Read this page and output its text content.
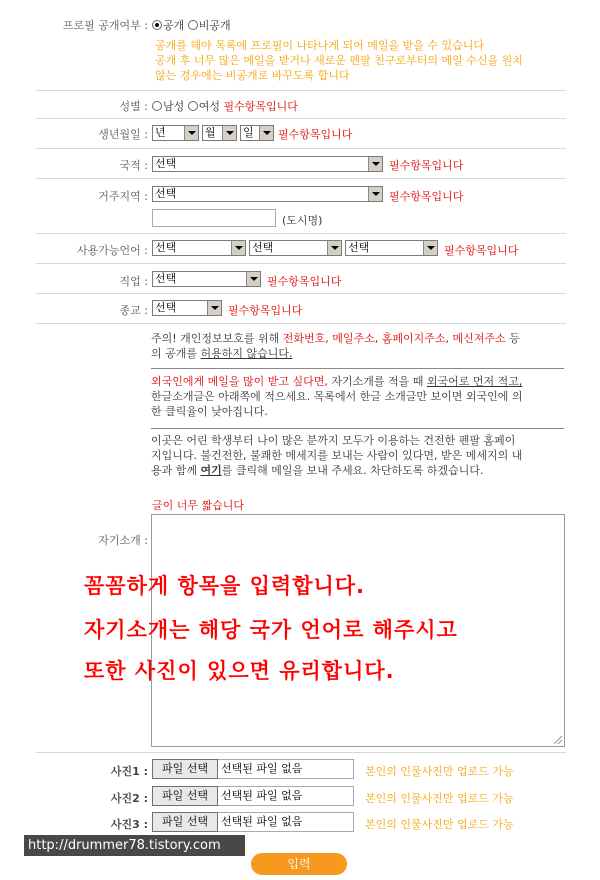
프로필 공개여부 :	공개 비공개
공개를 해야 목록에 프로필이 나타나게 되어 메일을 받을 수 있습니다
공개 후 너무 많은 메일을 받거나 새로운 펜팔 친구로부터의 메일 수신을 원치
않는 경우에는 비공개로 바꾸도록 합니다
성별 :	남성 여성 필수항목입니다
생년월일 : 년	월	일	필수항목입니다
국적 : 선택	필수항목입니다
거주지역 : 선택	필수항목입니다
(도시명)
사용가능언어 : 선택	선택	선택	필수항목입니다
직업 : 선택	필수항목입니다
종교 : 선택	필수항목입니다
주의! 개인정보보호를 위해 전화번호, 메일주소, 홈페이지주소, 메신져주소 등
의 공개를 허용하지 않습니다.
외국인에게 메일을 많이 받고 싶다면, 자기소개를 적을 때 외국어로 먼저 적고,
한글소개글은 아래쪽에 적으세요. 목록에서 한글 소개글만 보이면 외국인에 의
한 클릭율이 낮아집니다.
이곳은 어린 학생부터 나이 많은 분까지 모두가 이용하는 건전한 펜팔 홈페이
지입니다. 불건전한, 불쾌한 메세지를 보내는 사람이 있다면, 받은 메세지의 내
용과 함께 여기를 클릭해 메일을 보내 주세요. 차단하도록 하겠습니다.
글이 너무 짧습니다
자기소개 :
꼼꼼하게 항목을 입력합니다.
자기소개는 해당 국가 언어로 해주시고
또한 사진이 있으면 유리합니다.
사진1 :	파일 선택	선택된 파일 없음	본인의 인물사진만 업로드 가능
사진2 :	파일 선택	선택된 파일 없음	본인의 인물사진만 업로드 가능
사진3 :	파일 선택	선택된 파일 없음	본인의 인물사진만 업로드 가능
http://drummer78.tistory.com
입력
